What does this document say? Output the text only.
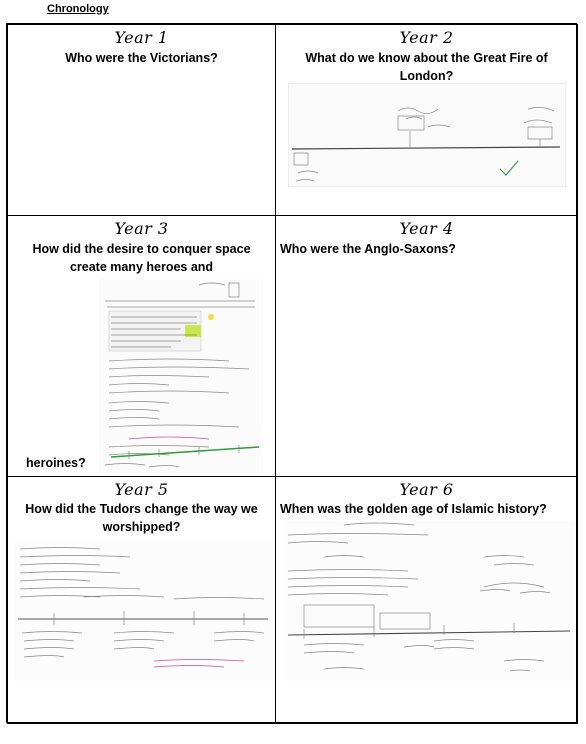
Chronology
Year 1
Who were the Victorians?
Year 2
What do we know about the Great Fire of London?
Year 3
How did the desire to conquer space
create many heroes and
heroines?
Year 4
Who were the Anglo-Saxons?
Year 5
How did the Tudors change the way we worshipped?
Year 6
When was the golden age of Islamic history?
